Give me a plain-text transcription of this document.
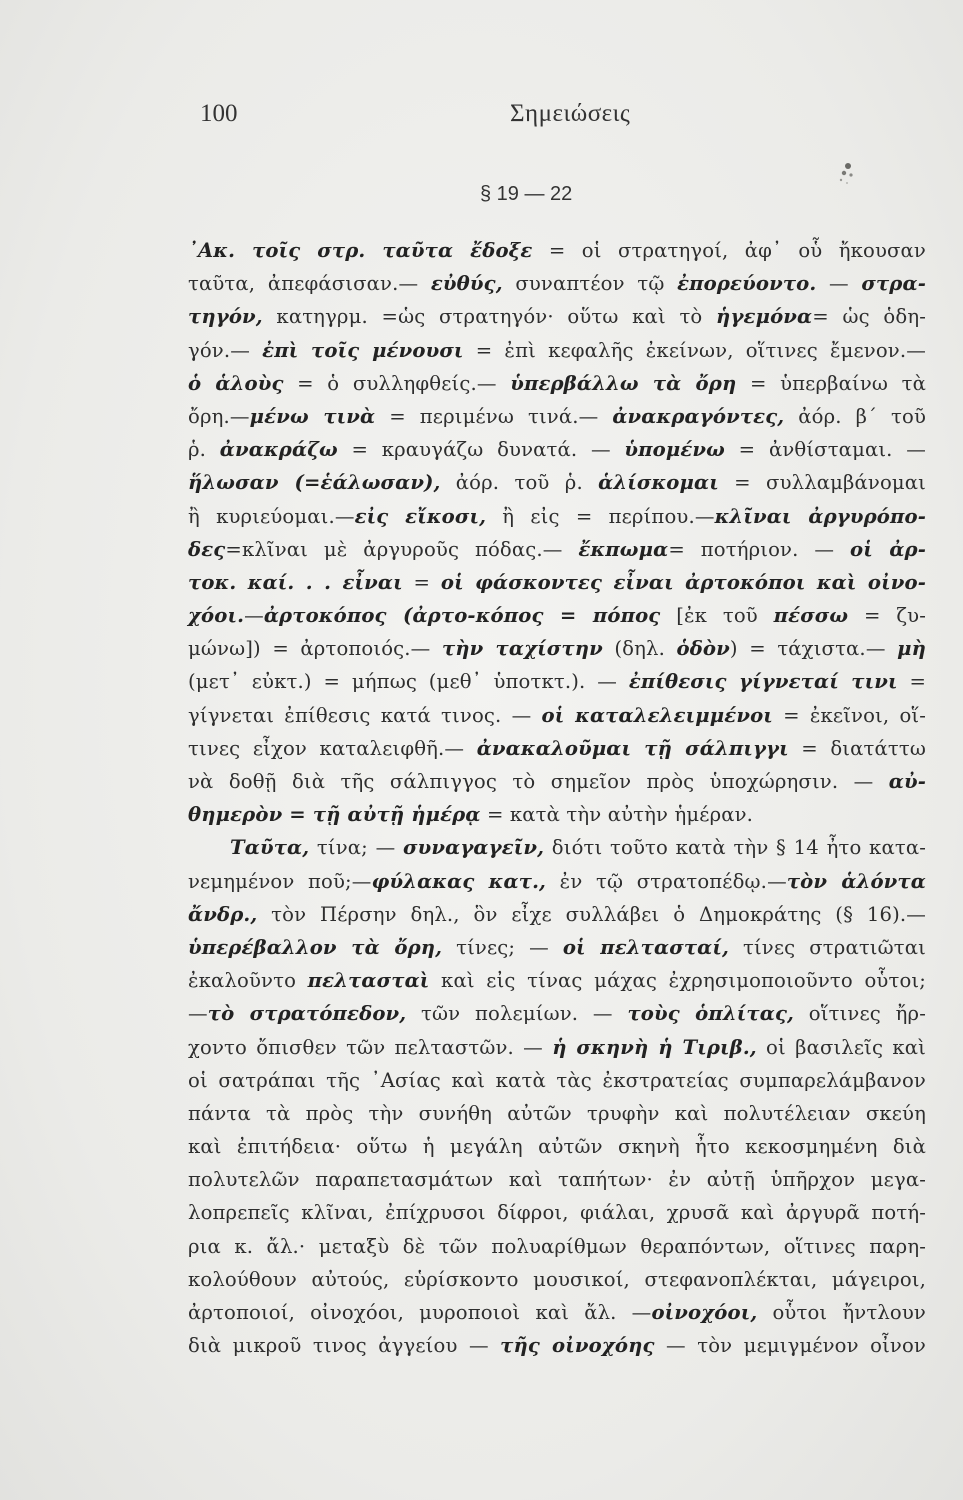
100	Σημειώσεις
§ 19 — 22
᾽Ακ. τοῖς στρ. ταῦτα ἔδοξε = οἱ στρατηγοί, ἀφ᾽ οὗ ἤκουσαν
ταῦτα, ἀπεφάσισαν.— εὐθύς, συναπτέον τῷ ἐπορεύοντο. — στρα-
τηγόν, κατηγρμ. =ὡς στρατηγόν· οὕτω καὶ τὸ ἡγεμόνα= ὡς ὁδη-
γόν.— ἐπὶ τοῖς μένουσι = ἐπὶ κεφαλῆς ἐκείνων, οἵτινες ἔμενον.—
ὁ ἁλοὺς = ὁ συλληφθείς.— ὑπερβάλλω τὰ ὄρη = ὑπερβαίνω τὰ
ὄρη.—μένω τινὰ = περιμένω τινά.— ἀνακραγόντες, ἀόρ. β΄ τοῦ
ῥ. ἀνακράζω = κραυγάζω δυνατά. — ὑπομένω = ἀνθίσταμαι. —
ἥλωσαν (=ἑάλωσαν), ἀόρ. τοῦ ῥ. ἁλίσκομαι = συλλαμβάνομαι
ἢ κυριεύομαι.—εἰς εἴκοσι, ἢ εἰς = περίπου.—κλῖναι ἀργυρόπο-
δες=κλῖναι μὲ ἀργυροῦς πόδας.— ἔκπωμα= ποτήριον. — οἱ ἀρ-
τοκ. καί. . . εἶναι = οἱ φάσκοντες εἶναι ἀρτοκόποι καὶ οἰνο-
χόοι.—ἀρτοκόπος (ἀρτο-κόπος = πόπος [ἐκ τοῦ πέσσω = ζυ-
μώνω]) = ἀρτοποιός.— τὴν ταχίστην (δηλ. ὁδὸν) = τάχιστα.— μὴ
(μετ᾽ εὐκτ.) = μήπως (μεθ᾽ ὑποτκτ.). — ἐπίθεσις γίγνεταί τινι =
γίγνεται ἐπίθεσις κατά τινος. — οἱ καταλελειμμένοι = ἐκεῖνοι, οἵ-
τινες εἶχον καταλειφθῆ.— ἀνακαλοῦμαι τῇ σάλπιγγι = διατάττω
νὰ δοθῇ διὰ τῆς σάλπιγγος τὸ σημεῖον πρὸς ὑποχώρησιν. — αὐ-
θημερὸν = τῇ αὐτῇ ἡμέρᾳ = κατὰ τὴν αὐτὴν ἡμέραν.
Ταῦτα, τίνα; — συναγαγεῖν, διότι τοῦτο κατὰ τὴν § 14 ἦτο κατα-
νεμημένον ποῦ;—φύλακας κατ., ἐν τῷ στρατοπέδῳ.—τὸν ἁλόντα
ἄνδρ., τὸν Πέρσην δηλ., ὃν εἶχε συλλάβει ὁ Δημοκράτης (§ 16).—
ὑπερέβαλλον τὰ ὄρη, τίνες; — οἱ πελτασταί, τίνες στρατιῶται
ἐκαλοῦντο πελτασταὶ καὶ εἰς τίνας μάχας ἐχρησιμοποιοῦντο οὗτοι;
—τὸ στρατόπεδον, τῶν πολεμίων. — τοὺς ὁπλίτας, οἵτινες ἤρ-
χοντο ὄπισθεν τῶν πελταστῶν. — ἡ σκηνὴ ἡ Τιριβ., οἱ βασιλεῖς καὶ
οἱ σατράπαι τῆς ᾽Ασίας καὶ κατὰ τὰς ἐκστρατείας συμπαρελάμβανον
πάντα τὰ πρὸς τὴν συνήθη αὐτῶν τρυφὴν καὶ πολυτέλειαν σκεύη
καὶ ἐπιτήδεια· οὕτω ἡ μεγάλη αὐτῶν σκηνὴ ἦτο κεκοσμημένη διὰ
πολυτελῶν παραπετασμάτων καὶ ταπήτων· ἐν αὐτῇ ὑπῆρχον μεγα-
λοπρεπεῖς κλῖναι, ἐπίχρυσοι δίφροι, φιάλαι, χρυσᾶ καὶ ἀργυρᾶ ποτή-
ρια κ. ἄλ.· μεταξὺ δὲ τῶν πολυαρίθμων θεραπόντων, οἵτινες παρη-
κολούθουν αὐτούς, εὑρίσκοντο μουσικοί, στεφανοπλέκται, μάγειροι,
ἀρτοποιοί, οἰνοχόοι, μυροποιοὶ καὶ ἄλ. —οἰνοχόοι, οὗτοι ἤντλουν
διὰ μικροῦ τινος ἀγγείου — τῆς οἰνοχόης — τὸν μεμιγμένον οἶνον
